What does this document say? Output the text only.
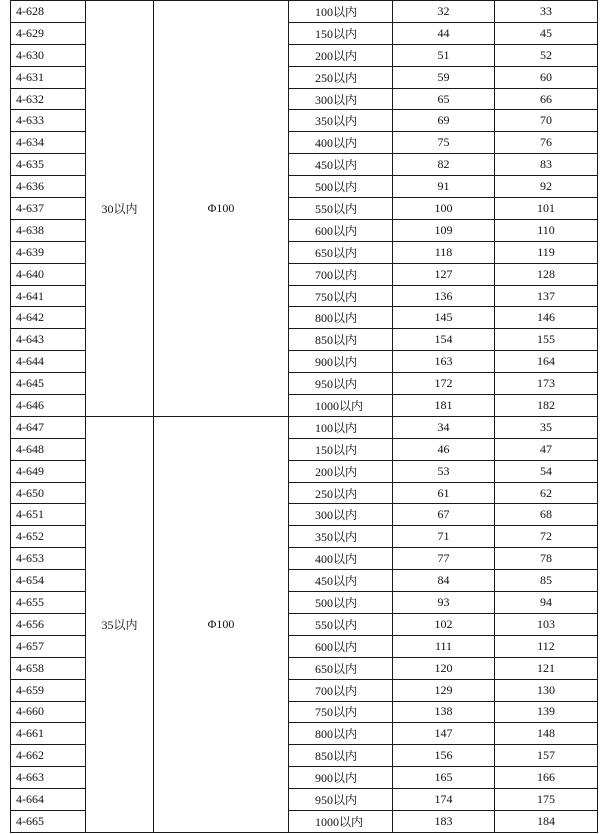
4-628	30以内	Φ100	100以内	32	33	
4-629			150以内	44	45	
4-630			200以内	51	52	
4-631			250以内	59	60	
4-632			300以内	65	66	
4-633			350以内	69	70	
4-634			400以内	75	76	
4-635			450以内	82	83	
4-636			500以内	91	92	
4-637			550以内	100	101	
4-638			600以内	109	110	
4-639			650以内	118	119	
4-640			700以内	127	128	
4-641			750以内	136	137	
4-642			800以内	145	146	
4-643			850以内	154	155	
4-644			900以内	163	164	
4-645			950以内	172	173	
4-646			1000以内	181	182	
4-647	35以内	Φ100	100以内	34	35	
4-648			150以内	46	47	
4-649			200以内	53	54	
4-650			250以内	61	62	
4-651			300以内	67	68	
4-652			350以内	71	72	
4-653			400以内	77	78	
4-654			450以内	84	85	
4-655			500以内	93	94	
4-656			550以内	102	103	
4-657			600以内	111	112	
4-658			650以内	120	121	
4-659			700以内	129	130	
4-660			750以内	138	139	
4-661			800以内	147	148	
4-662			850以内	156	157	
4-663			900以内	165	166	
4-664			950以内	174	175	
4-665			1000以内	183	184	
